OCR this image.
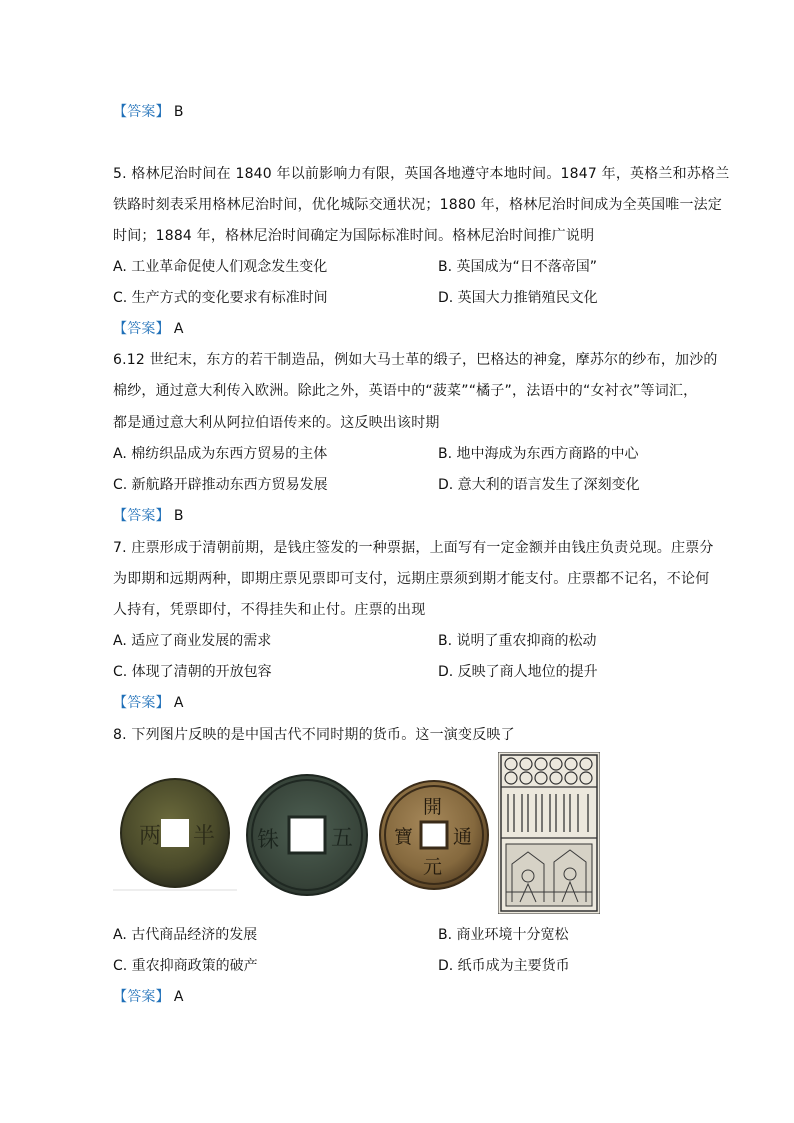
【答案】 B
5. 格林尼治时间在 1840 年以前影响力有限，英国各地遵守本地时间。1847 年，英格兰和苏格兰
铁路时刻表采用格林尼治时间，优化城际交通状况；1880 年，格林尼治时间成为全英国唯一法定
时间；1884 年，格林尼治时间确定为国际标准时间。格林尼治时间推广说明
A. 工业革命促使人们观念发生变化	B. 英国成为“日不落帝国”
C. 生产方式的变化要求有标准时间	D. 英国大力推销殖民文化
【答案】 A
6.12 世纪末，东方的若干制造品，例如大马士革的缎子，巴格达的神龛，摩苏尔的纱布，加沙的
棉纱，通过意大利传入欧洲。除此之外，英语中的“菠菜”“橘子”，法语中的“女衬衣”等词汇，
都是通过意大利从阿拉伯语传来的。这反映出该时期
A. 棉纺织品成为东西方贸易的主体	B. 地中海成为东西方商路的中心
C. 新航路开辟推动东西方贸易发展	D. 意大利的语言发生了深刻变化
【答案】 B
7. 庄票形成于清朝前期，是钱庄签发的一种票据，上面写有一定金额并由钱庄负责兑现。庄票分
为即期和远期两种，即期庄票见票即可支付，远期庄票须到期才能支付。庄票都不记名，不论何
人持有，凭票即付，不得挂失和止付。庄票的出现
A. 适应了商业发展的需求	B. 说明了重农抑商的松动
C. 体现了清朝的开放包容	D. 反映了商人地位的提升
【答案】 A
8. 下列图片反映的是中国古代不同时期的货币。这一演变反映了
两 半	五
铢
開
元
通
寶
A. 古代商品经济的发展	B. 商业环境十分宽松
C. 重农抑商政策的破产	D. 纸币成为主要货币
【答案】 A
